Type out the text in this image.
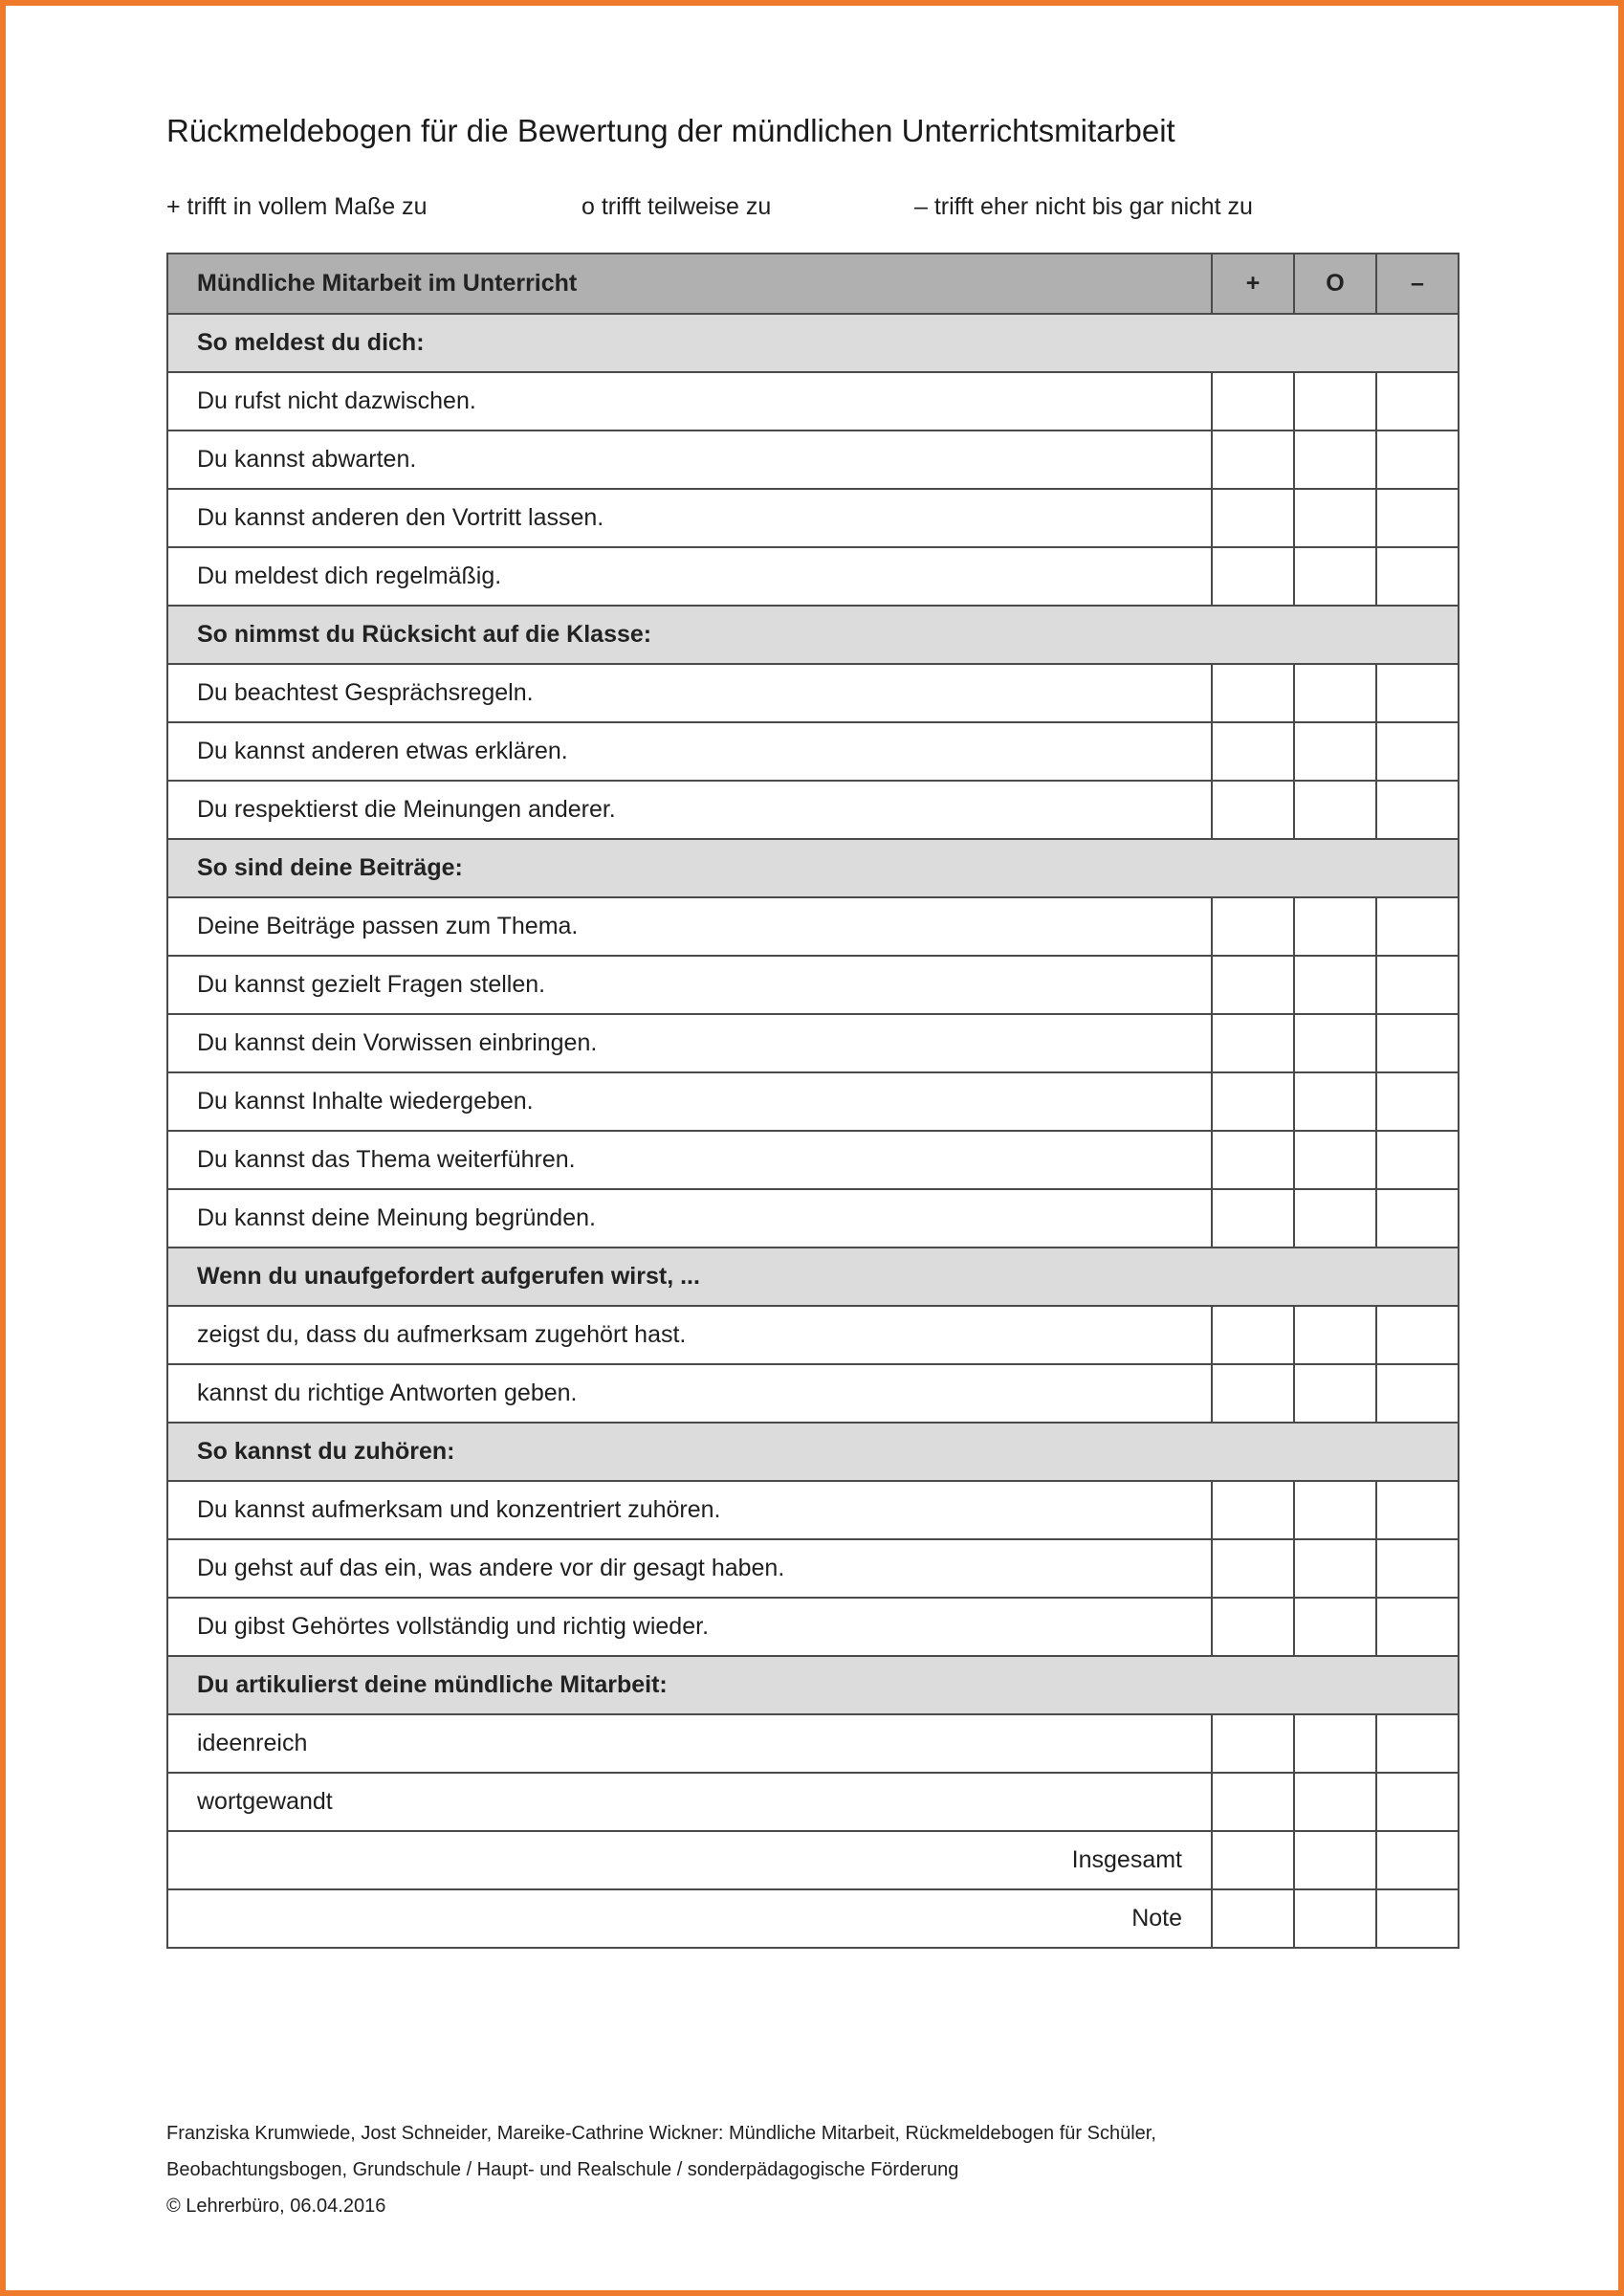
Rückmeldebogen für die Bewertung der mündlichen Unterrichtsmitarbeit
+ trifft in vollem Maße zu	o trifft teilweise zu	– trifft eher nicht bis gar nicht zu
Mündliche Mitarbeit im Unterricht	+	O	–
So meldest du dich:			
Du rufst nicht dazwischen.			
Du kannst abwarten.			
Du kannst anderen den Vortritt lassen.			
Du meldest dich regelmäßig.			
So nimmst du Rücksicht auf die Klasse:			
Du beachtest Gesprächsregeln.			
Du kannst anderen etwas erklären.			
Du respektierst die Meinungen anderer.			
So sind deine Beiträge:			
Deine Beiträge passen zum Thema.			
Du kannst gezielt Fragen stellen.			
Du kannst dein Vorwissen einbringen.			
Du kannst Inhalte wiedergeben.			
Du kannst das Thema weiterführen.			
Du kannst deine Meinung begründen.			
Wenn du unaufgefordert aufgerufen wirst, ...			
zeigst du, dass du aufmerksam zugehört hast.			
kannst du richtige Antworten geben.			
So kannst du zuhören:			
Du kannst aufmerksam und konzentriert zuhören.			
Du gehst auf das ein, was andere vor dir gesagt haben.			
Du gibst Gehörtes vollständig und richtig wieder.			
Du artikulierst deine mündliche Mitarbeit:			
ideenreich			
wortgewandt			
Insgesamt			
Note			
Franziska Krumwiede, Jost Schneider, Mareike-Cathrine Wickner: Mündliche Mitarbeit, Rückmeldebogen für Schüler,
Beobachtungsbogen, Grundschule / Haupt- und Realschule / sonderpädagogische Förderung
© Lehrerbüro, 06.04.2016
